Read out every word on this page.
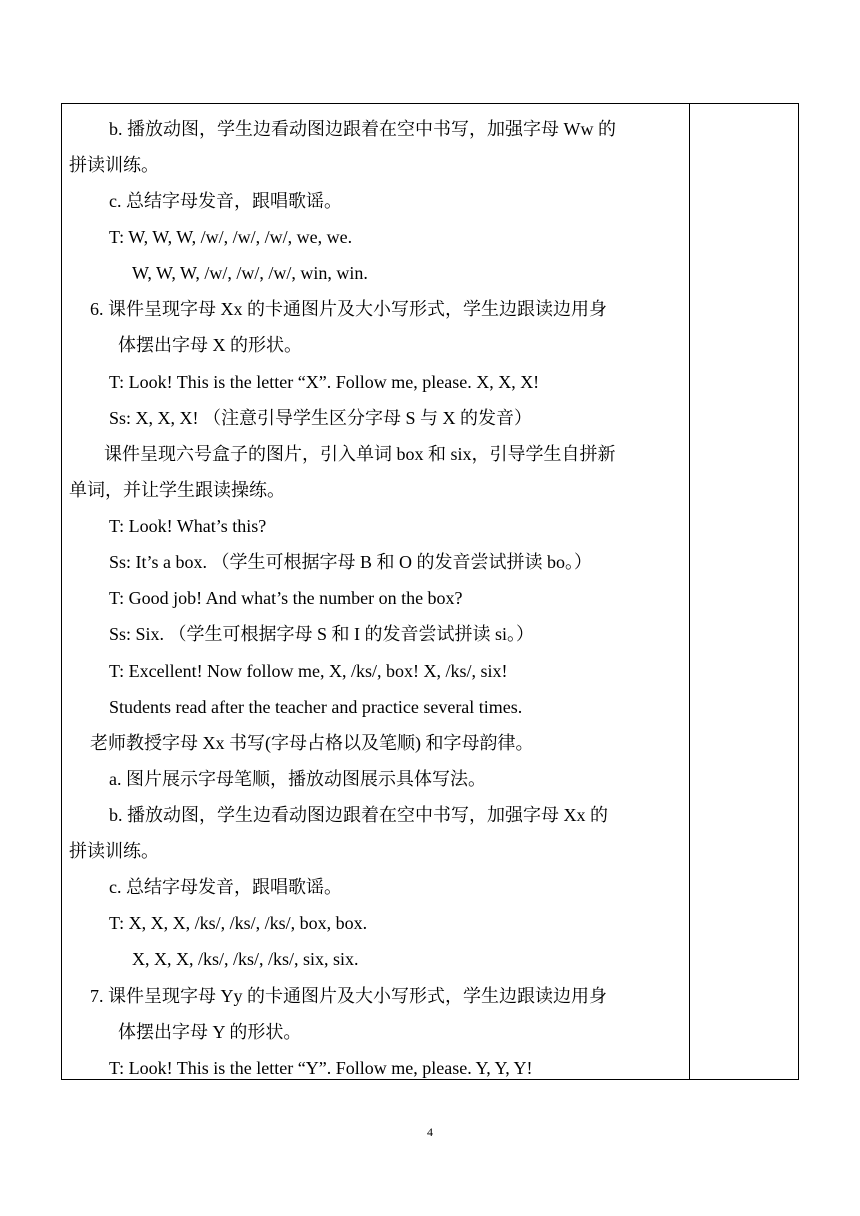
b. 播放动图，学生边看动图边跟着在空中书写，加强字母 Ww 的
拼读训练。
c. 总结字母发音，跟唱歌谣。
T: W, W, W, /w/, /w/, /w/, we, we.
W, W, W, /w/, /w/, /w/, win, win.
6. 课件呈现字母 Xx 的卡通图片及大小写形式，学生边跟读边用身
体摆出字母 X 的形状。
T: Look! This is the letter “X”. Follow me, please. X, X, X!
Ss: X, X, X! （注意引导学生区分字母 S 与 X 的发音）
课件呈现六号盒子的图片，引入单词 box 和 six，引导学生自拼新
单词，并让学生跟读操练。
T: Look! What’s this?
Ss: It’s a box. （学生可根据字母 B 和 O 的发音尝试拼读 bo。）
T: Good job! And what’s the number on the box?
Ss: Six. （学生可根据字母 S 和 I 的发音尝试拼读 si。）
T: Excellent! Now follow me, X, /ks/, box! X, /ks/, six!
Students read after the teacher and practice several times.
老师教授字母 Xx 书写(字母占格以及笔顺) 和字母韵律。
a. 图片展示字母笔顺，播放动图展示具体写法。
b. 播放动图，学生边看动图边跟着在空中书写，加强字母 Xx 的
拼读训练。
c. 总结字母发音，跟唱歌谣。
T: X, X, X, /ks/, /ks/, /ks/, box, box.
X, X, X, /ks/, /ks/, /ks/, six, six.
7. 课件呈现字母 Yy 的卡通图片及大小写形式，学生边跟读边用身
体摆出字母 Y 的形状。
T: Look! This is the letter “Y”. Follow me, please. Y, Y, Y!
4
